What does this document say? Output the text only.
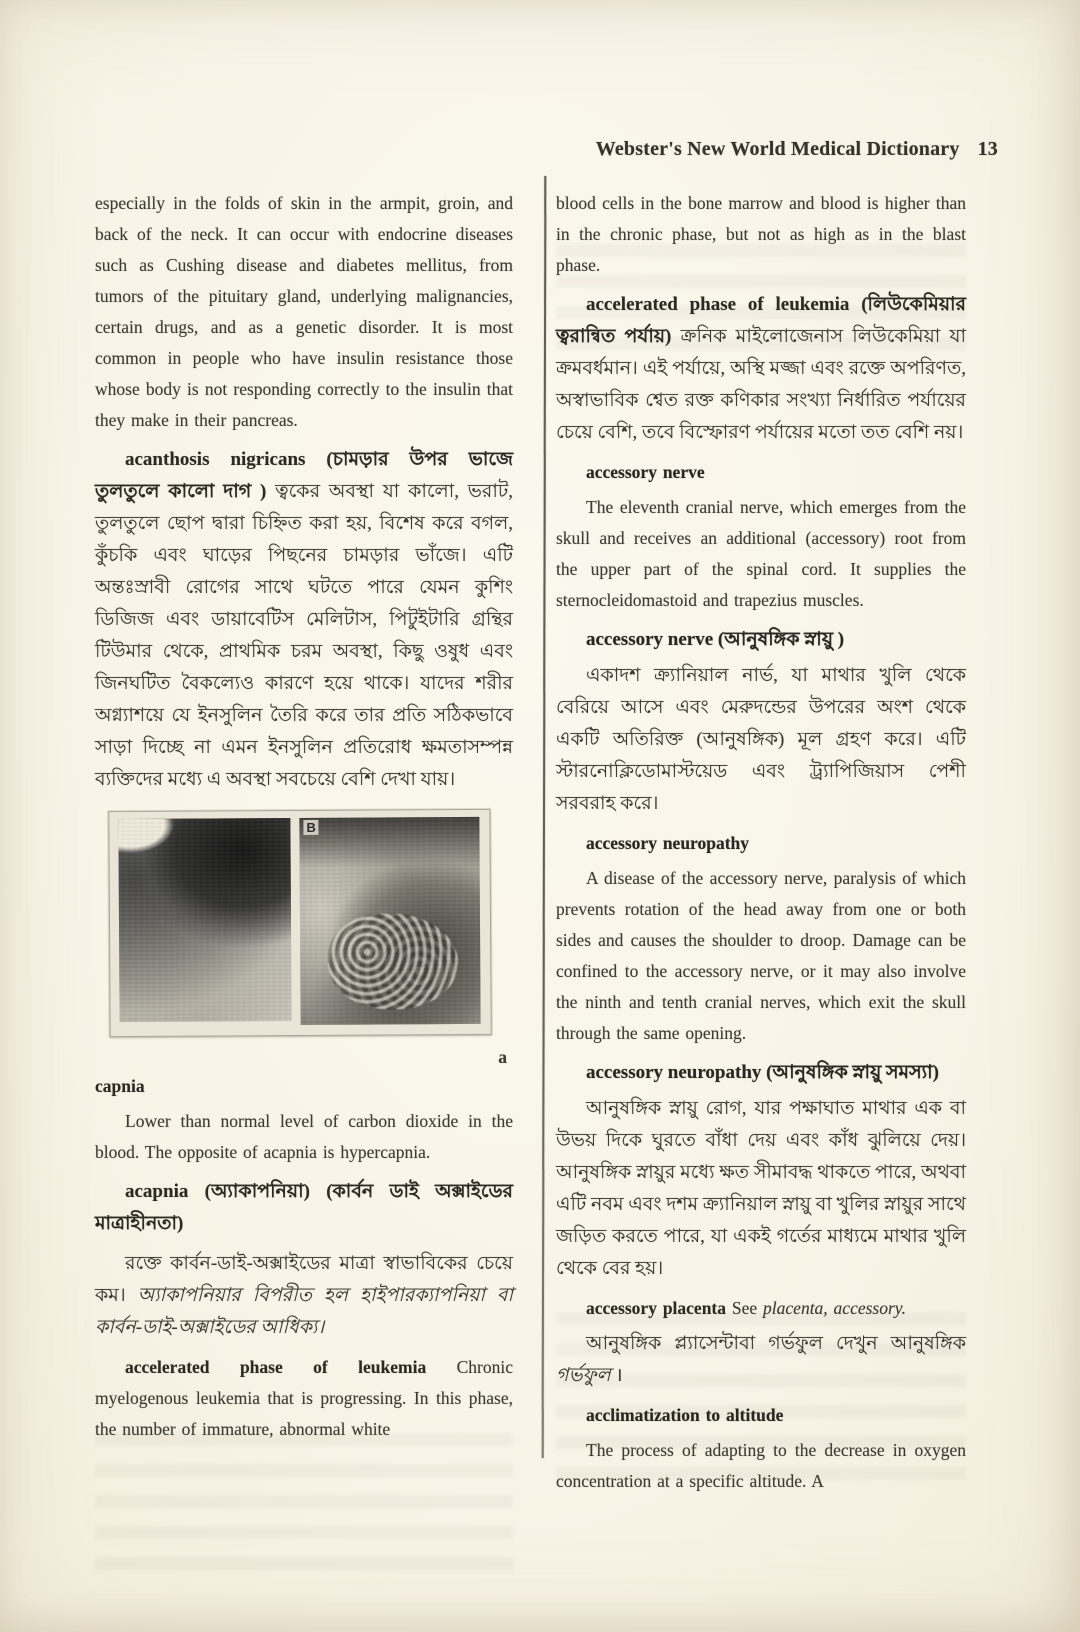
Webster's New World Medical Dictionary 13

especially in the folds of skin in the armpit, groin, and back of the neck. It can occur with endocrine diseases such as Cushing disease and diabetes mellitus, from tumors of the pituitary gland, underlying malignancies, certain drugs, and as a genetic disorder. It is most common in people who have insulin resistance those whose body is not responding correctly to the insulin that they make in their pancreas.

acanthosis nigricans (চামড়ার উপর ভাজে তুলতুলে কালো দাগ ) ত্বকের অবস্থা যা কালো, ভরাট, তুলতুলে ছোপ দ্বারা চিহ্নিত করা হয়, বিশেষ করে বগল, কুঁচকি এবং ঘাড়ের পিছনের চামড়ার ভাঁজে। এটি অন্তঃস্রাবী রোগের সাথে ঘটতে পারে যেমন কুশিং ডিজিজ এবং ডায়াবেটিস মেলিটাস, পিটুইটারি গ্রন্থির টিউমার থেকে, প্রাথমিক চরম অবস্থা, কিছু ওষুধ এবং জিনঘটিত বৈকল্যেও কারণে হয়ে থাকে। যাদের শরীর অগ্ন্যাশয়ে যে ইনসুলিন তৈরি করে তার প্রতি সঠিকভাবে সাড়া দিচ্ছে না এমন ইনসুলিন প্রতিরোধ ক্ষমতাসম্পন্ন ব্যক্তিদের মধ্যে এ অবস্থা সবচেয়ে বেশি দেখা যায়।

B

a

capnia

Lower than normal level of carbon dioxide in the blood. The opposite of acapnia is hypercapnia.

acapnia (অ্যাকাপনিয়া) (কার্বন ডাই অক্সাইডের মাত্রাহীনতা)

রক্তে কার্বন-ডাই-অক্সাইডের মাত্রা স্বাভাবিকের চেয়ে কম। অ্যাকাপনিয়ার বিপরীত হল হাইপারক্যাপনিয়া বা কার্বন-ডাই-অক্সাইডের আধিক্য।

accelerated phase of leukemia Chronic myelogenous leukemia that is progressing. In this phase, the number of immature, abnormal white

blood cells in the bone marrow and blood is higher than in the chronic phase, but not as high as in the blast phase.

accelerated phase of leukemia (লিউকেমিয়ার ত্বরান্বিত পর্যায়) ক্রনিক মাইলোজেনাস লিউকেমিয়া যা ক্রমবর্ধমান। এই পর্যায়ে, অস্থি মজ্জা এবং রক্তে অপরিণত, অস্বাভাবিক শ্বেত রক্ত কণিকার সংখ্যা নির্ধারিত পর্যায়ের চেয়ে বেশি, তবে বিস্ফোরণ পর্যায়ের মতো তত বেশি নয়।

accessory nerve

The eleventh cranial nerve, which emerges from the skull and receives an additional (accessory) root from the upper part of the spinal cord. It supplies the sternocleidomastoid and trapezius muscles.

accessory nerve (আনুষঙ্গিক স্নায়ু )

একাদশ ক্র্যানিয়াল নার্ভ, যা মাথার খুলি থেকে বেরিয়ে আসে এবং মেরুদন্ডের উপরের অংশ থেকে একটি অতিরিক্ত (আনুষঙ্গিক) মূল গ্রহণ করে। এটি স্টারনোক্লিডোমাস্টয়েড এবং ট্র্যাপিজিয়াস পেশী সরবরাহ করে।

accessory neuropathy

A disease of the accessory nerve, paralysis of which prevents rotation of the head away from one or both sides and causes the shoulder to droop. Damage can be confined to the accessory nerve, or it may also involve the ninth and tenth cranial nerves, which exit the skull through the same opening.

accessory neuropathy (আনুষঙ্গিক স্নায়ু সমস্যা)

আনুষঙ্গিক স্নায়ু রোগ, যার পক্ষাঘাত মাথার এক বা উভয় দিকে ঘুরতে বাঁধা দেয় এবং কাঁধ ঝুলিয়ে দেয়। আনুষঙ্গিক স্নায়ুর মধ্যে ক্ষত সীমাবদ্ধ থাকতে পারে, অথবা এটি নবম এবং দশম ক্র্যানিয়াল স্নায়ু বা খুলির স্নায়ুর সাথে জড়িত করতে পারে, যা একই গর্তের মাধ্যমে মাথার খুলি থেকে বের হয়।

accessory placenta See placenta, accessory.

আনুষঙ্গিক প্ল্যাসেন্টাবা গর্ভফুল দেখুন আনুষঙ্গিক গর্ভফুল ।

acclimatization to altitude

The process of adapting to the decrease in oxygen concentration at a specific altitude. A
